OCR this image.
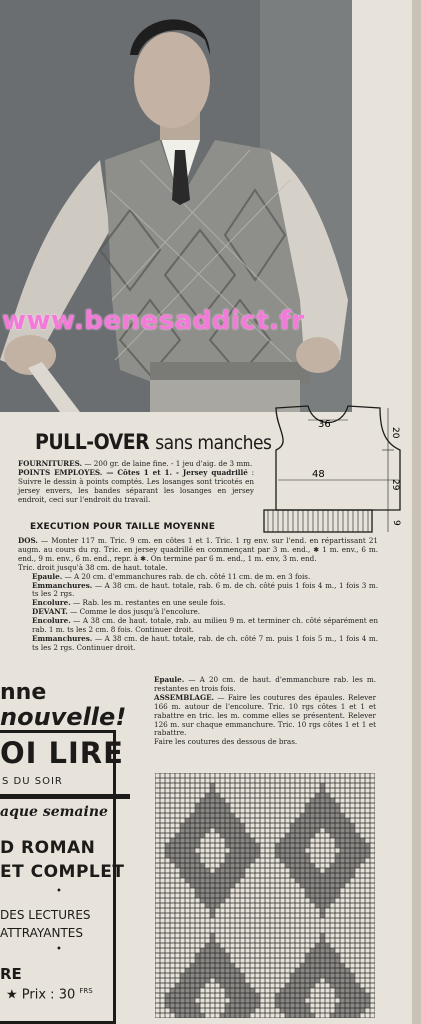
www.benesaddict.fr
PULL-OVER sans manches
36
48
20
29
9
FOURNITURES. — 200 gr. de laine fine. - 1 jeu d'aig. de 3 mm.
POINTS EMPLOYES. — Côtes 1 et 1. - Jersey quadrillé : Suivre le dessin à points comptés. Les losanges sont tricotés en jersey envers, les bandes séparant les losanges en jersey endroit, ceci sur l'endroit du travail.
EXECUTION POUR TAILLE MOYENNE

DOS. — Monter 117 m. Tric. 9 cm. en côtes 1 et 1. Tric. 1 rg env. sur l'end. en répartissant 21 augm. au cours du rg. Tric. en jersey quadrillé en commençant par 3 m. end., ✱ 1 m. env., 6 m. end., 9 m. env., 6 m. end., repr. à ✱. On termine par 6 m. end., 1 m. env, 3 m. end.

Tric. droit jusqu'à 38 cm. de haut. totale.

Epaule. — A 20 cm. d'emmanchures rab. de ch. côté 11 cm. de m. en 3 fois.

Emmanchures. — A 38 cm. de haut. totale, rab. 6 m. de ch. côté puis 1 fois 4 m., 1 fois 3 m. ts les 2 rgs.

Encolure. — Rab. les m. restantes en une seule fois.

DEVANT. — Comme le dos jusqu'à l'encolure.

Encolure. — A 38 cm. de haut. totale, rab. au milieu 9 m. et terminer ch. côté séparément en rab. 1 m. ts les 2 cm. 8 fois. Continuer droit.

Emmanchures. — A 38 cm. de haut. totale, rab. de ch. côté 7 m. puis 1 fois 5 m., 1 fois 4 m. ts les 2 rgs. Continuer droit.

Epaule. — A 20 cm. de haut. d'emmanchure rab. les m. restantes en trois fois.

ASSEMBLAGE. — Faire les coutures des épaules. Relever 166 m. autour de l'encolure. Tric. 10 rgs côtes 1 et 1 et rabattre en tric. les m. comme elles se présentent. Relever 126 m. sur chaque emmanchure. Tric. 10 rgs côtes 1 et 1 et rabattre.

Faire les coutures des dessous de bras.

nne
nouvelle!
OI LIRE
S DU SOIR
aque semaine
D ROMAN
ET COMPLET
•
DES LECTURES
ATTRAYANTES
•
RE
★ Prix : 30 $^{FRS}$
